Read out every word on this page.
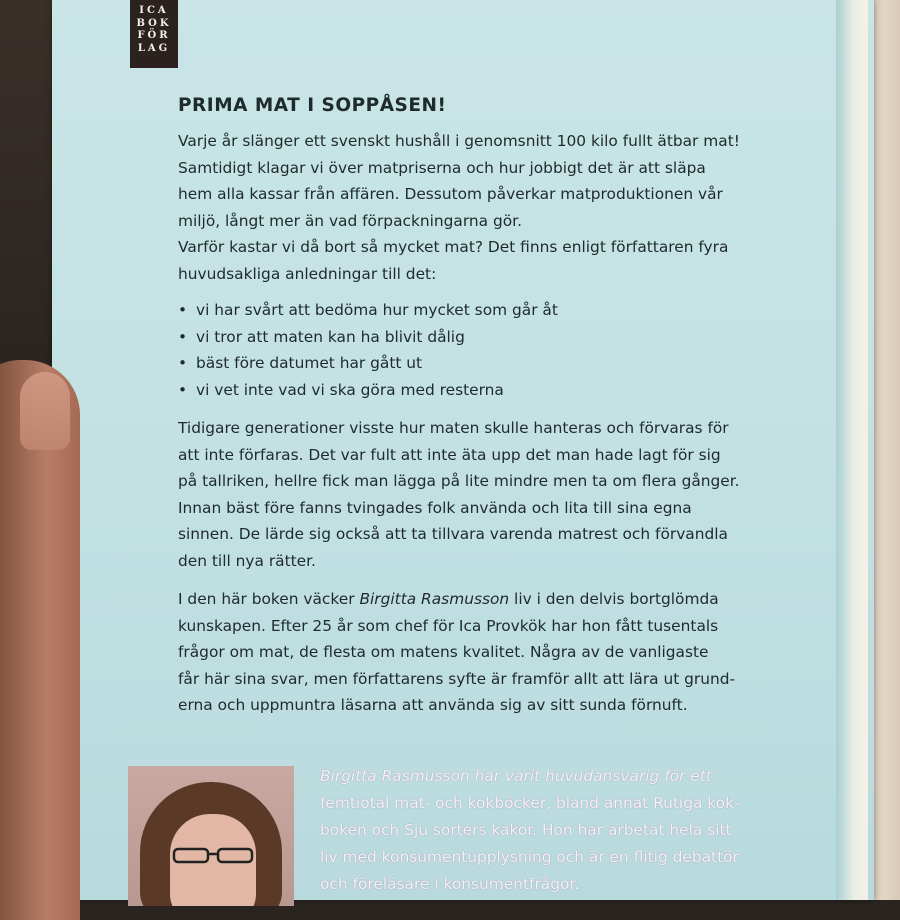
ICA
BOK
FÖR
LAG
PRIMA MAT I SOPPÅSEN!

Varje år slänger ett svenskt hushåll i genomsnitt 100 kilo fullt ätbar mat!
Samtidigt klagar vi över matpriserna och hur jobbigt det är att släpa
hem alla kassar från affären. Dessutom påverkar matproduktionen vår
miljö, långt mer än vad förpackningarna gör.
Varför kastar vi då bort så mycket mat? Det finns enligt författaren fyra
huvudsakliga anledningar till det:

• vi har svårt att bedöma hur mycket som går åt
• vi tror att maten kan ha blivit dålig
• bäst före datumet har gått ut
• vi vet inte vad vi ska göra med resterna

Tidigare generationer visste hur maten skulle hanteras och förvaras för
att inte förfaras. Det var fult att inte äta upp det man hade lagt för sig
på tallriken, hellre fick man lägga på lite mindre men ta om flera gånger.
Innan bäst före fanns tvingades folk använda och lita till sina egna
sinnen. De lärde sig också att ta tillvara varenda matrest och förvandla
den till nya rätter.

I den här boken väcker Birgitta Rasmusson liv i den delvis bortglömda
kunskapen. Efter 25 år som chef för Ica Provkök har hon fått tusentals
frågor om mat, de flesta om matens kvalitet. Några av de vanligaste
får här sina svar, men författarens syfte är framför allt att lära ut grund-
erna och uppmuntra läsarna att använda sig av sitt sunda förnuft.

Birgitta Rasmusson har varit huvudansvarig för ett
femtiotal mat- och kokböcker, bland annat Rutiga kok-
boken och Sju sorters kakor. Hon har arbetat hela sitt
liv med konsumentupplysning och är en flitig debattör
och föreläsare i konsumentfrågor.
